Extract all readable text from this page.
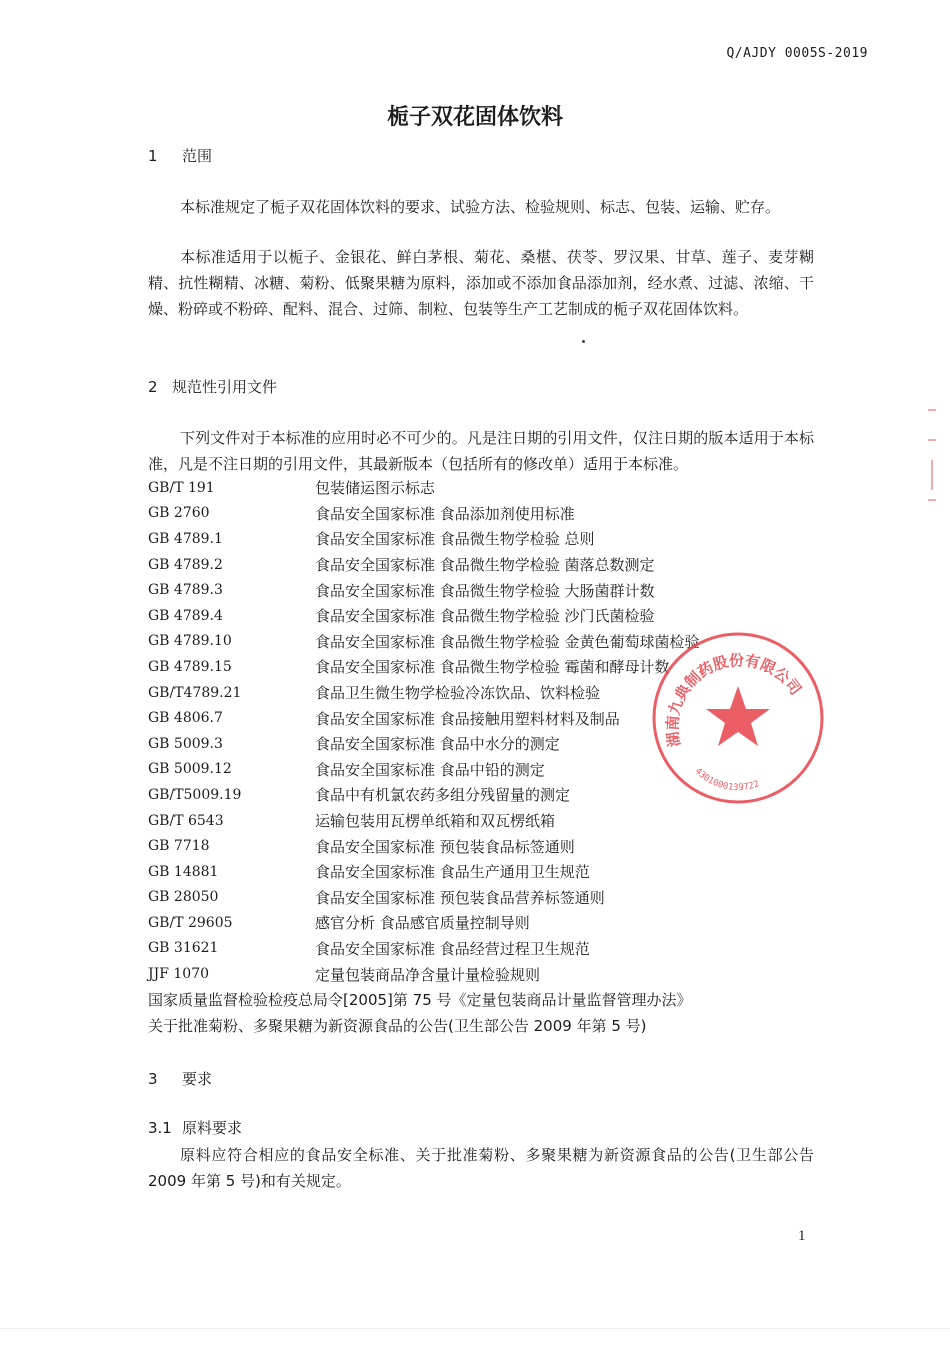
Q/AJDY 0005S-2019
栀子双花固体饮料
1 范围
本标准规定了栀子双花固体饮料的要求、试验方法、检验规则、标志、包装、运输、贮存。
本标准适用于以栀子、金银花、鲜白茅根、菊花、桑椹、茯苓、罗汉果、甘草、莲子、麦芽糊精、抗性糊精、冰糖、菊粉、低聚果糖为原料，添加或不添加食品添加剂，经水煮、过滤、浓缩、干燥、粉碎或不粉碎、配料、混合、过筛、制粒、包装等生产工艺制成的栀子双花固体饮料。
2 规范性引用文件
下列文件对于本标准的应用时必不可少的。凡是注日期的引用文件，仅注日期的版本适用于本标准，凡是不注日期的引用文件，其最新版本（包括所有的修改单）适用于本标准。
GB/T 191	包装储运图示标志
GB 2760	食品安全国家标准 食品添加剂使用标准
GB 4789.1	食品安全国家标准 食品微生物学检验 总则
GB 4789.2	食品安全国家标准 食品微生物学检验 菌落总数测定
GB 4789.3	食品安全国家标准 食品微生物学检验 大肠菌群计数
GB 4789.4	食品安全国家标准 食品微生物学检验 沙门氏菌检验
GB 4789.10	食品安全国家标准 食品微生物学检验 金黄色葡萄球菌检验
GB 4789.15	食品安全国家标准 食品微生物学检验 霉菌和酵母计数
GB/T4789.21	食品卫生微生物学检验冷冻饮品、饮料检验
GB 4806.7	食品安全国家标准 食品接触用塑料材料及制品
GB 5009.3	食品安全国家标准 食品中水分的测定
GB 5009.12	食品安全国家标准 食品中铅的测定
GB/T5009.19	食品中有机氯农药多组分残留量的测定
GB/T 6543	运输包装用瓦楞单纸箱和双瓦楞纸箱
GB 7718	食品安全国家标准 预包装食品标签通则
GB 14881	食品安全国家标准 食品生产通用卫生规范
GB 28050	食品安全国家标准 预包装食品营养标签通则
GB/T 29605	感官分析 食品感官质量控制导则
GB 31621	食品安全国家标准 食品经营过程卫生规范
JJF 1070	定量包装商品净含量计量检验规则
国家质量监督检验检疫总局令[2005]第 75 号《定量包装商品计量监督管理办法》
关于批准菊粉、多聚果糖为新资源食品的公告(卫生部公告 2009 年第 5 号)
3 要求
3.1 原料要求
原料应符合相应的食品安全标准、关于批准菊粉、多聚果糖为新资源食品的公告(卫生部公告 2009 年第 5 号)和有关规定。
湖南九典制药股份有限公司
4301000139722
1
